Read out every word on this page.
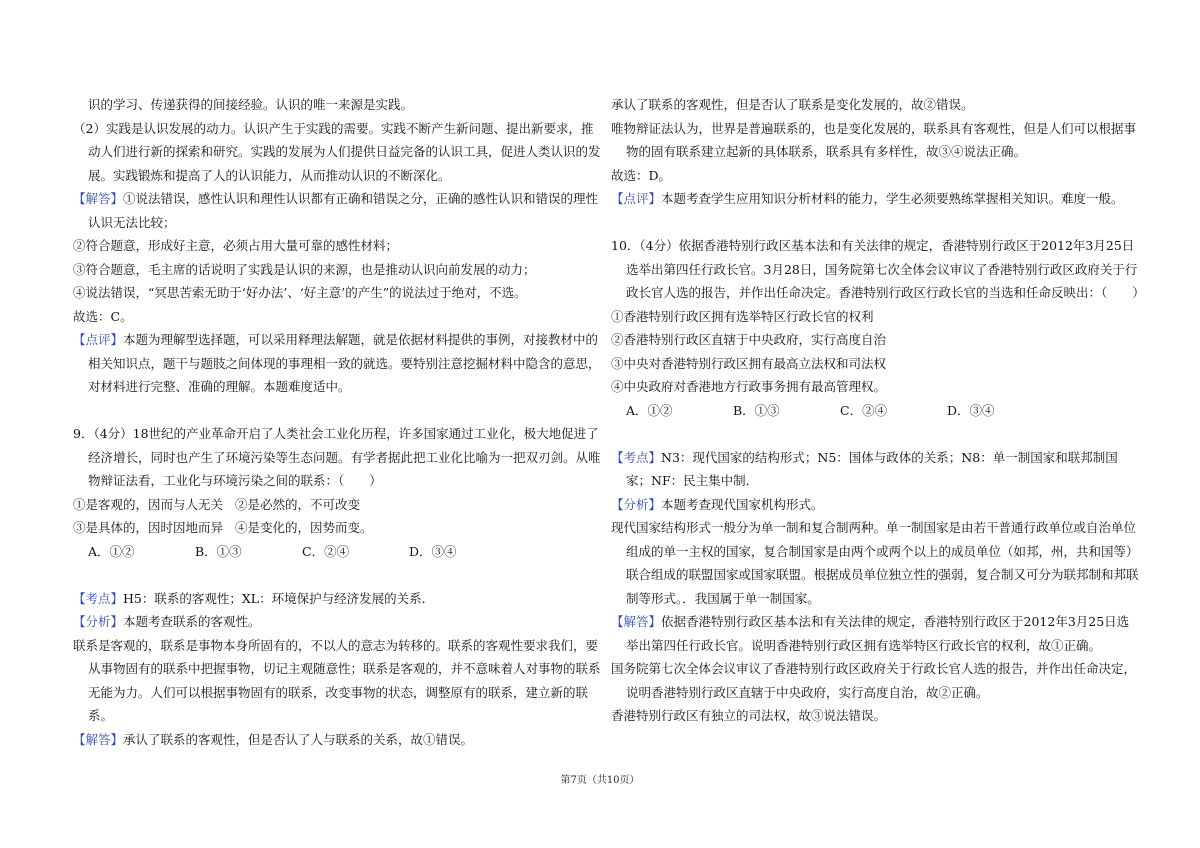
识的学习、传递获得的间接经验。认识的唯一来源是实践。

（2）实践是认识发展的动力。认识产生于实践的需要。实践不断产生新问题、提出新要求，推动人们进行新的探索和研究。实践的发展为人们提供日益完备的认识工具，促进人类认识的发展。实践锻炼和提高了人的认识能力，从而推动认识的不断深化。

【解答】①说法错误，感性认识和理性认识都有正确和错误之分，正确的感性认识和错误的理性认识无法比较；

②符合题意，形成好主意，必须占用大量可靠的感性材料；

③符合题意，毛主席的话说明了实践是认识的来源，也是推动认识向前发展的动力；

④说法错误，“冥思苦索无助于‘好办法’、‘好主意’的产生”的说法过于绝对，不选。

故选：C。

【点评】本题为理解型选择题，可以采用释理法解题，就是依据材料提供的事例，对接教材中的相关知识点，题干与题肢之间体现的事理相一致的就选。要特别注意挖掘材料中隐含的意思，对材料进行完整、准确的理解。本题难度适中。

9．（4分）18世纪的产业革命开启了人类社会工业化历程，许多国家通过工业化，极大地促进了经济增长，同时也产生了环境污染等生态问题。有学者据此把工业化比喻为一把双刃剑。从唯物辩证法看，工业化与环境污染之间的联系：（　　）

①是客观的，因而与人无关 ②是必然的，不可改变

③是具体的，因时因地而异 ④是变化的，因势而变。

A．①②	B．①③	C．②④	D．③④

【考点】H5：联系的客观性；XL：环境保护与经济发展的关系．

【分析】本题考查联系的客观性。

联系是客观的，联系是事物本身所固有的，不以人的意志为转移的。联系的客观性要求我们，要从事物固有的联系中把握事物，切记主观随意性；联系是客观的，并不意味着人对事物的联系无能为力。人们可以根据事物固有的联系，改变事物的状态，调整原有的联系，建立新的联系。

【解答】承认了联系的客观性，但是否认了人与联系的关系，故①错误。

承认了联系的客观性，但是否认了联系是变化发展的，故②错误。

唯物辩证法认为，世界是普遍联系的，也是变化发展的，联系具有客观性，但是人们可以根据事物的固有联系建立起新的具体联系，联系具有多样性，故③④说法正确。

故选：D。

【点评】本题考查学生应用知识分析材料的能力，学生必须要熟练掌握相关知识。难度一般。

10．（4分）依据香港特别行政区基本法和有关法律的规定，香港特别行政区于2012年3月25日选举出第四任行政长官。3月28日，国务院第七次全体会议审议了香港特别行政区政府关于行政长官人选的报告，并作出任命决定。香港特别行政区行政长官的当选和任命反映出：（　　）

①香港特别行政区拥有选举特区行政长官的权利

②香港特别行政区直辖于中央政府，实行高度自治

③中央对香港特别行政区拥有最高立法权和司法权

④中央政府对香港地方行政事务拥有最高管理权。

A．①②	B．①③	C．②④	D．③④

【考点】N3：现代国家的结构形式；N5：国体与政体的关系；N8：单一制国家和联邦制国家；NF：民主集中制．

【分析】本题考查现代国家机构形式。

现代国家结构形式一般分为单一制和复合制两种。单一制国家是由若干普通行政单位或自治单位组成的单一主权的国家，复合制国家是由两个或两个以上的成员单位（如邦，州，共和国等）联合组成的联盟国家或国家联盟。根据成员单位独立性的强弱，复合制又可分为联邦制和邦联制等形式。．我国属于单一制国家。

【解答】依据香港特别行政区基本法和有关法律的规定，香港特别行政区于2012年3月25日选举出第四任行政长官。说明香港特别行政区拥有选举特区行政长官的权利，故①正确。

国务院第七次全体会议审议了香港特别行政区政府关于行政长官人选的报告，并作出任命决定，说明香港特别行政区直辖于中央政府，实行高度自治，故②正确。

香港特别行政区有独立的司法权，故③说法错误。

第7页（共10页）
